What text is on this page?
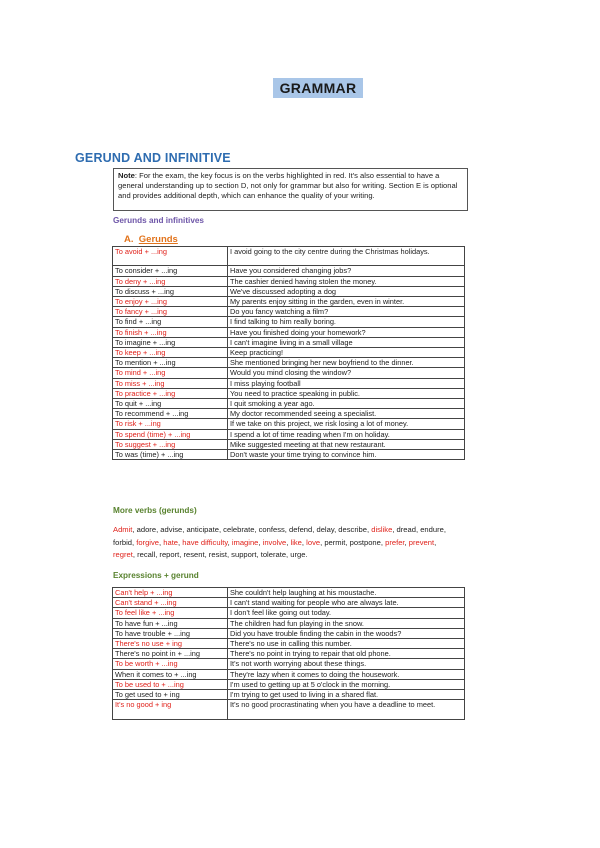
GRAMMAR
GERUND AND INFINITIVE
Note: For the exam, the key focus is on the verbs highlighted in red. It's also essential to have a general understanding up to section D, not only for grammar but also for writing. Section E is optional and provides additional depth, which can enhance the quality of your writing.
Gerunds and infinitives
A. Gerunds
To avoid + ...ing	I avoid going to the city centre during the Christmas holidays.
To consider + ...ing	Have you considered changing jobs?
To deny + ...ing	The cashier denied having stolen the money.
To discuss + ...ing	We've discussed adopting a dog
To enjoy + ...ing	My parents enjoy sitting in the garden, even in winter.
To fancy + ...ing	Do you fancy watching a film?
To find + ...ing	I find talking to him really boring.
To finish + ...ing	Have you finished doing your homework?
To imagine + ...ing	I can't imagine living in a small village
To keep + ...ing	Keep practicing!
To mention + ...ing	She mentioned bringing her new boyfriend to the dinner.
To mind + ...ing	Would you mind closing the window?
To miss + ...ing	I miss playing football
To practice + ...ing	You need to practice speaking in public.
To quit + ...ing	I quit smoking a year ago.
To recommend + ...ing	My doctor recommended seeing a specialist.
To risk + ...ing	If we take on this project, we risk losing a lot of money.
To spend (time) + ...ing	I spend a lot of time reading when I'm on holiday.
To suggest + ...ing	Mike suggested meeting at that new restaurant.
To was (time) + ...ing	Don't waste your time trying to convince him.
More verbs (gerunds)
Admit, adore, advise, anticipate, celebrate, confess, defend, delay, describe, dislike, dread, endure, forbid, forgive, hate, have difficulty, imagine, involve, like, love, permit, postpone, prefer, prevent, regret, recall, report, resent, resist, support, tolerate, urge.
Expressions + gerund
Can't help + ...ing	She couldn't help laughing at his moustache.
Can't stand + ...ing	I can't stand waiting for people who are always late.
To feel like + ...ing	I don't feel like going out today.
To have fun + ...ing	The children had fun playing in the snow.
To have trouble + ...ing	Did you have trouble finding the cabin in the woods?
There's no use + ing	There's no use in calling this number.
There's no point in + ...ing	There's no point in trying to repair that old phone.
To be worth + ...ing	It's not worth worrying about these things.
When it comes to + ...ing	They're lazy when it comes to doing the housework.
To be used to + ...ing	I'm used to getting up at 5 o'clock in the morning.
To get used to + ing	I'm trying to get used to living in a shared flat.
It's no good + ing	It's no good procrastinating when you have a deadline to meet.
